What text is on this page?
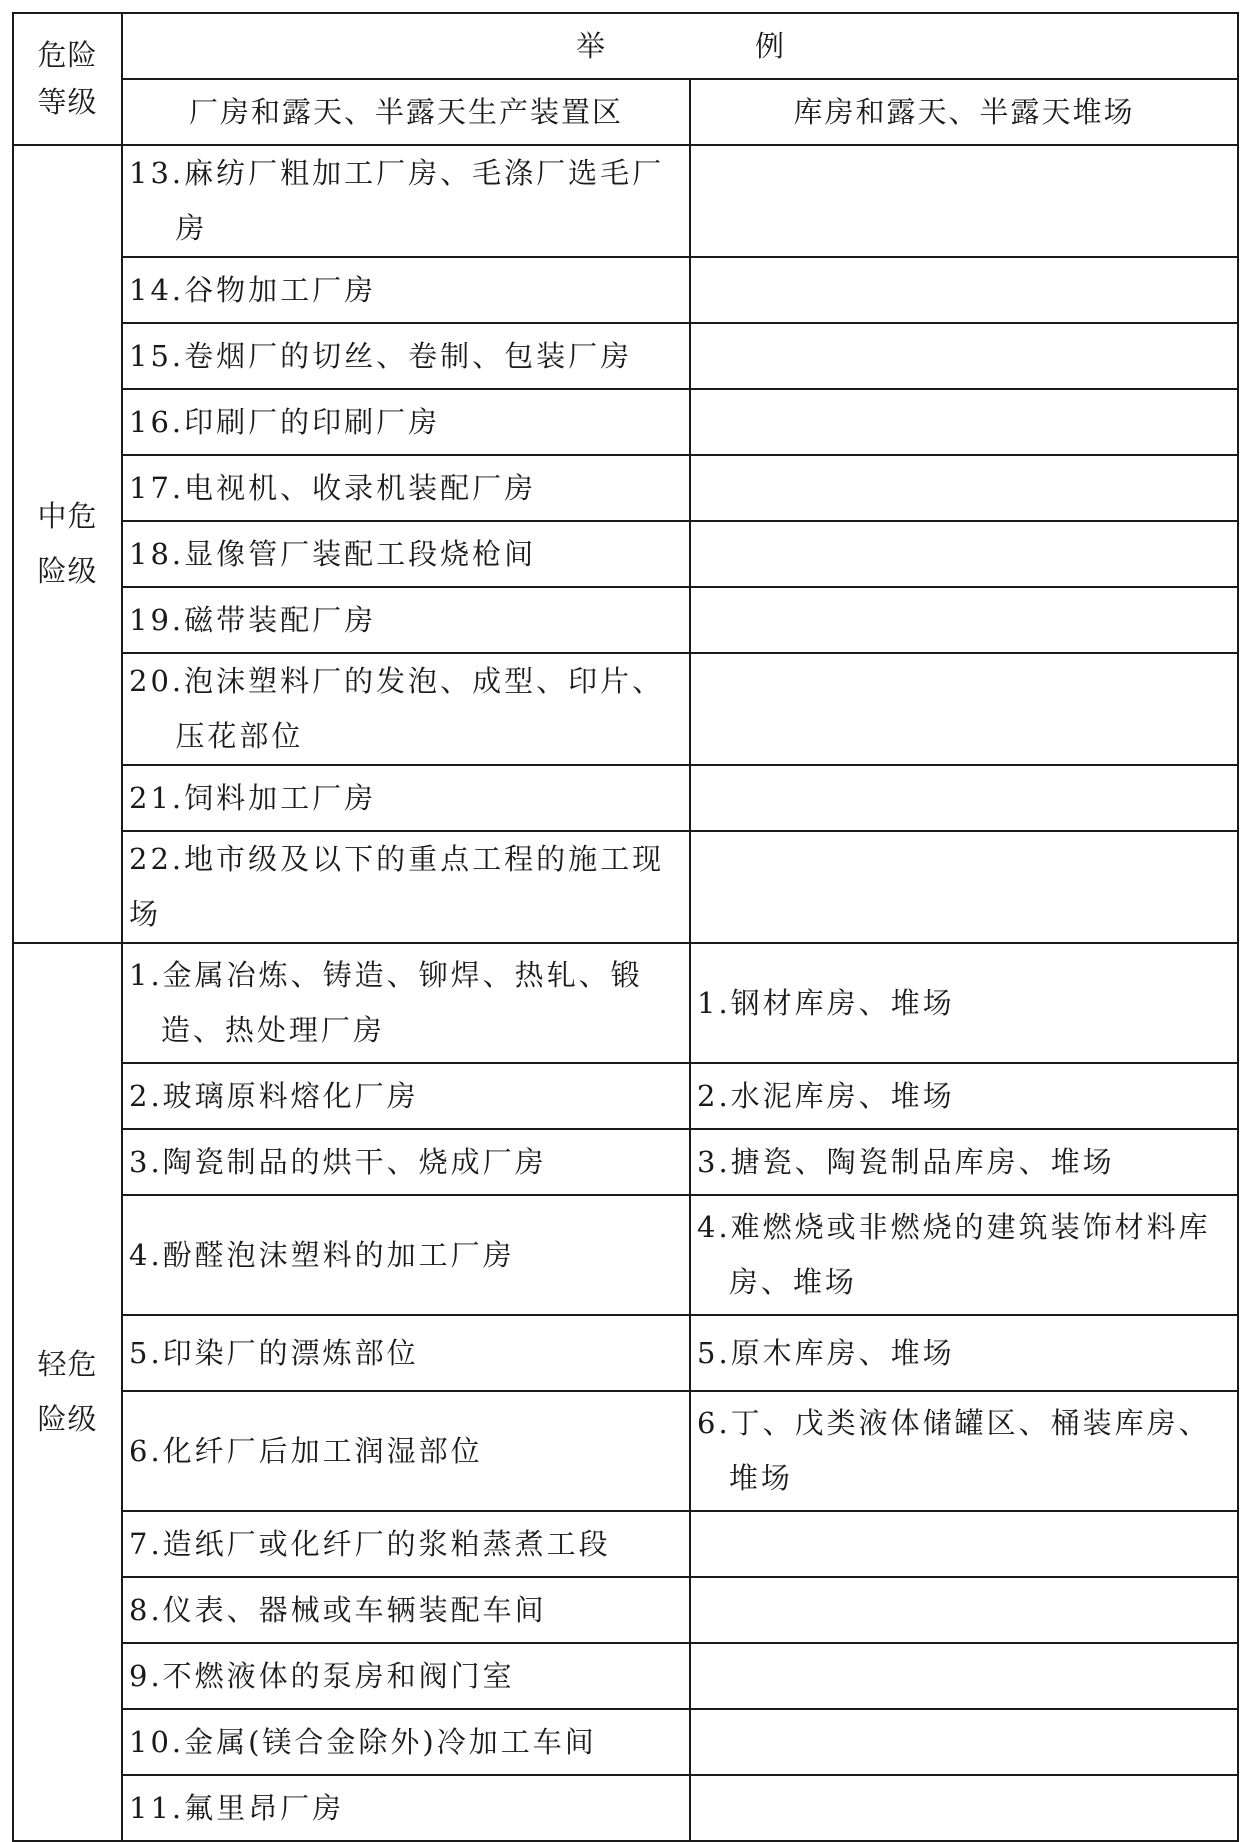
危险
等级	举 例	
	厂房和露天、半露天生产装置区	库房和露天、半露天堆场

中危
险级	13.麻纺厂粗加工厂房、毛涤厂选毛厂房	

	14.谷物加工厂房	

	15.卷烟厂的切丝、卷制、包装厂房	

	16.印刷厂的印刷厂房	

	17.电视机、收录机装配厂房	

	18.显像管厂装配工段烧枪间	

	19.磁带装配厂房	

	20.泡沫塑料厂的发泡、成型、印片、压花部位	

	21.饲料加工厂房	

	22.地市级及以下的重点工程的施工现场	

轻危
险级	1.金属冶炼、铸造、铆焊、热轧、锻造、热处理厂房	1.钢材库房、堆场

	2.玻璃原料熔化厂房	2.水泥库房、堆场

	3.陶瓷制品的烘干、烧成厂房	3.搪瓷、陶瓷制品库房、堆场

	4.酚醛泡沫塑料的加工厂房	4.难燃烧或非燃烧的建筑装饰材料库房、堆场

	5.印染厂的漂炼部位	5.原木库房、堆场

	6.化纤厂后加工润湿部位	6.丁、戊类液体储罐区、桶装库房、堆场

	7.造纸厂或化纤厂的浆粕蒸煮工段	

	8.仪表、器械或车辆装配车间	

	9.不燃液体的泵房和阀门室	

	10.金属(镁合金除外)冷加工车间	

	11.氟里昂厂房	
